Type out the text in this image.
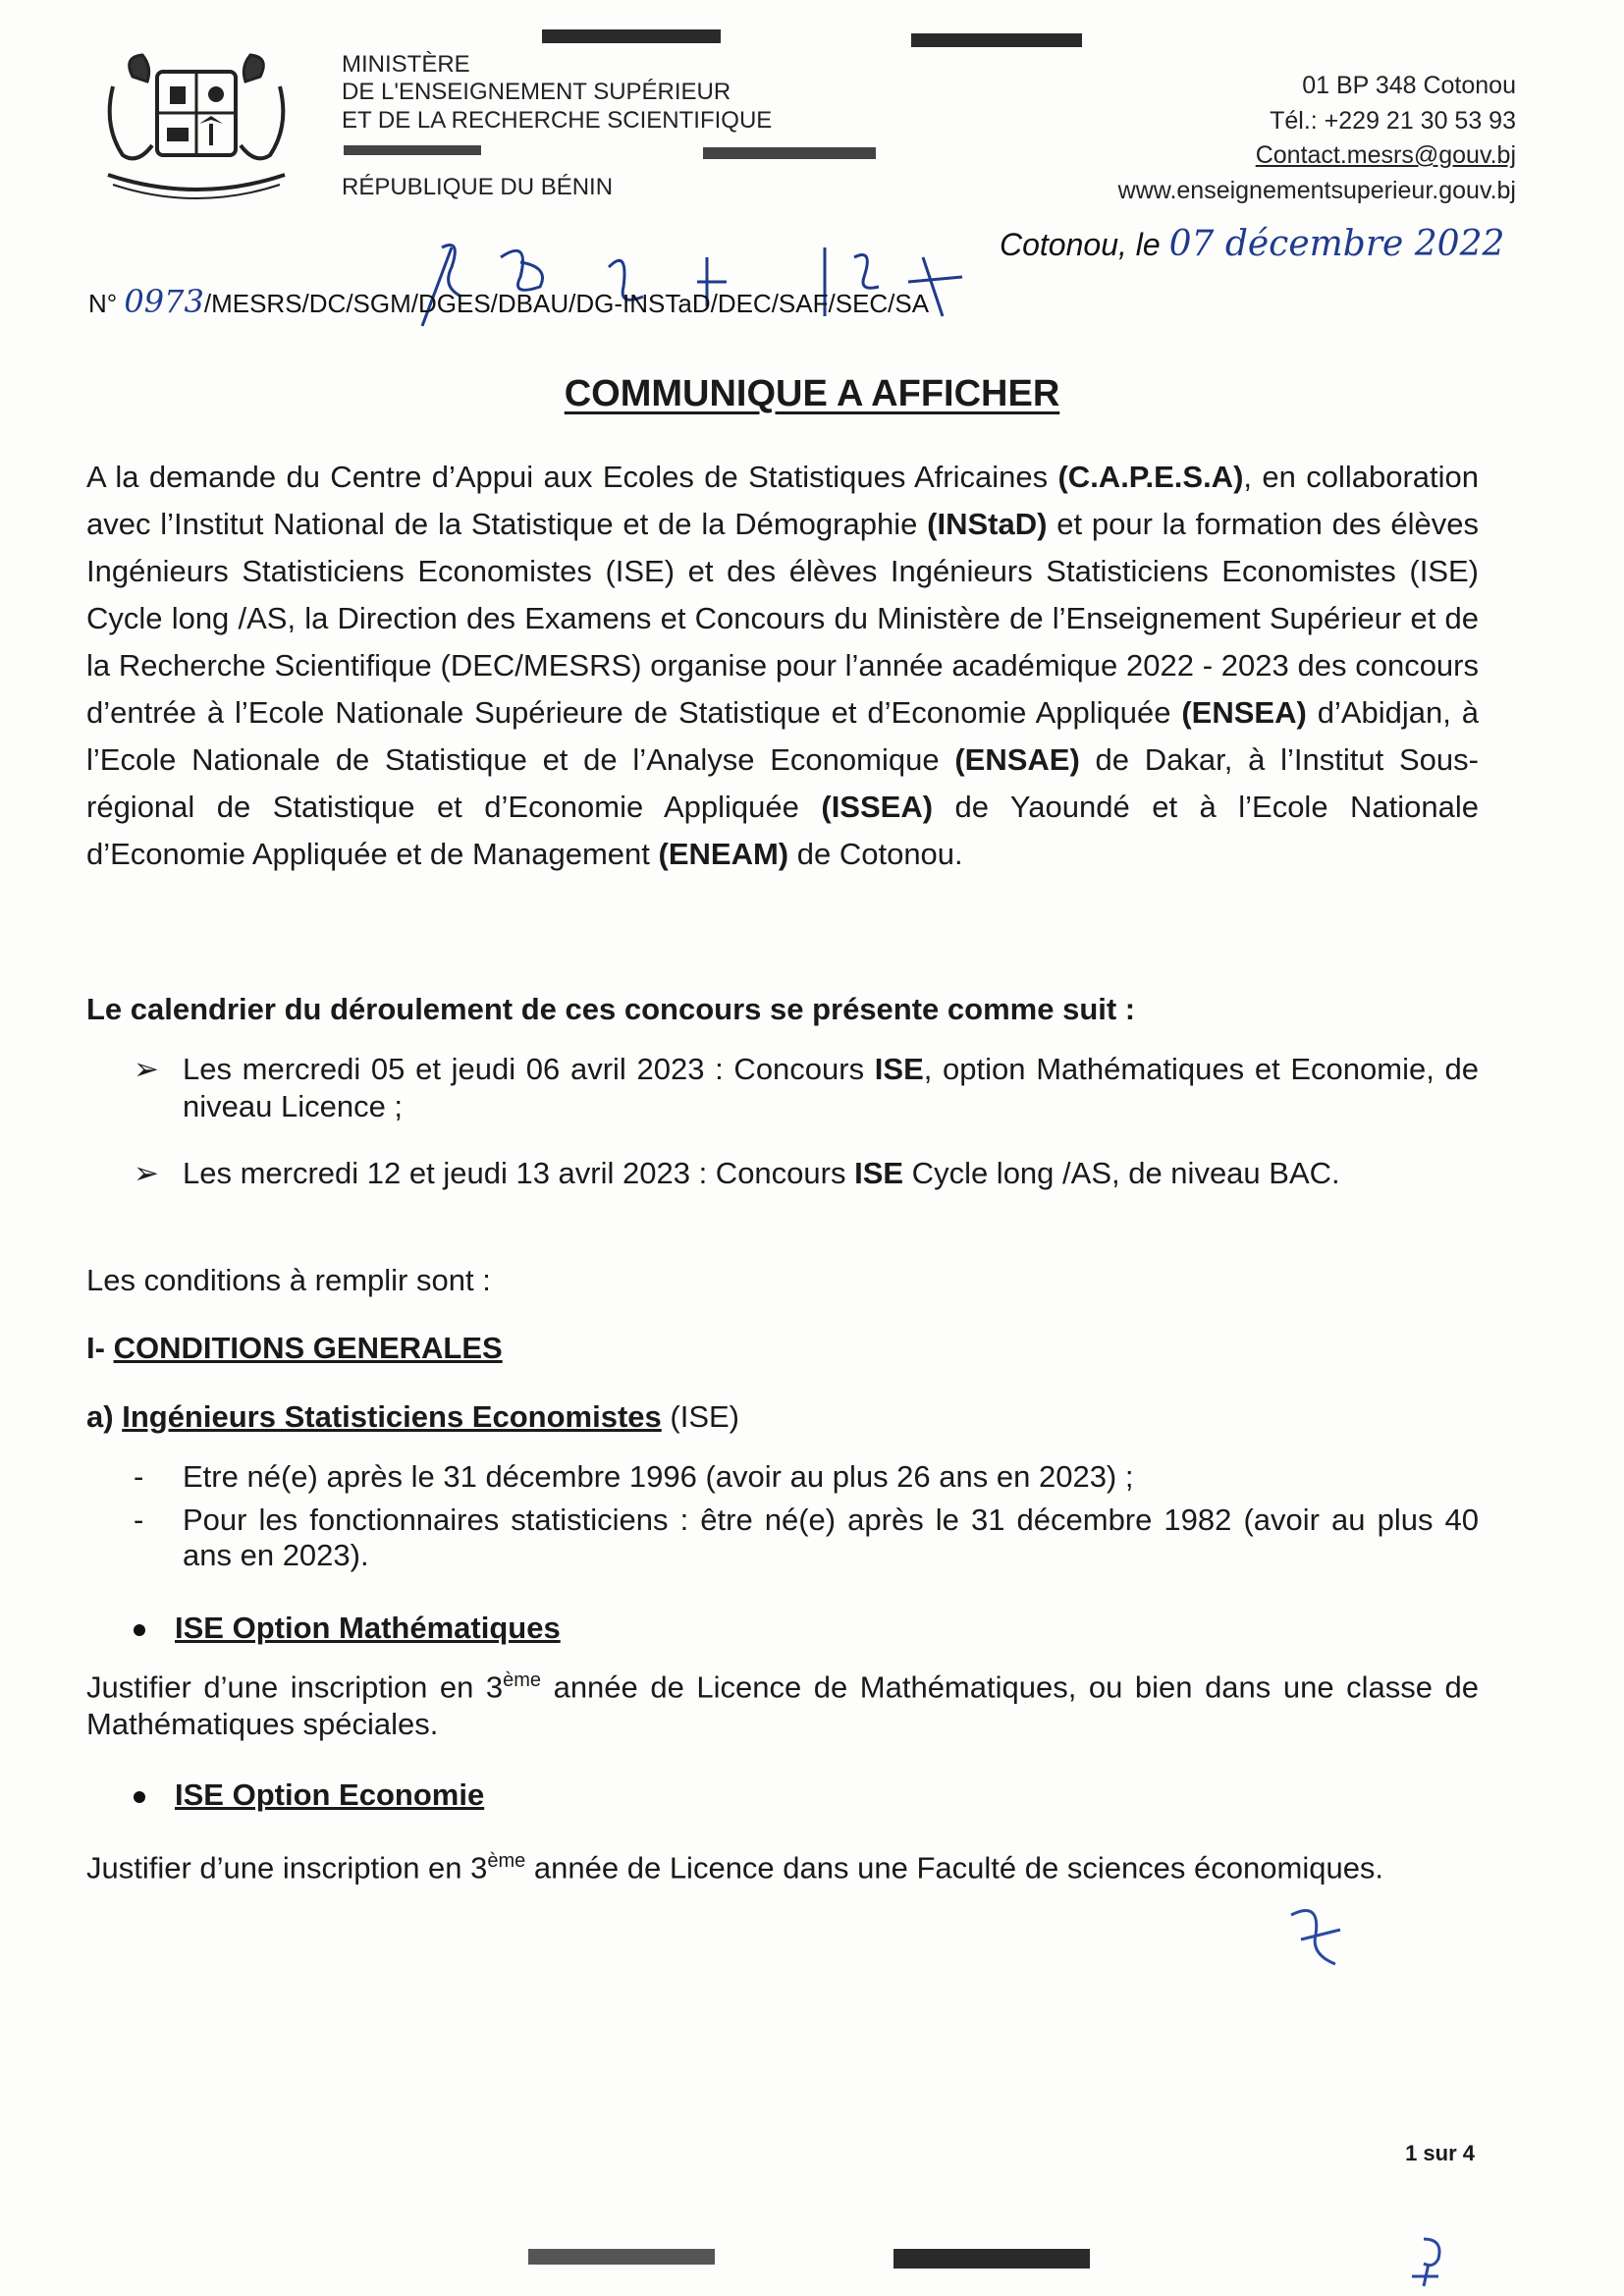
MINISTÈRE
DE L'ENSEIGNEMENT SUPÉRIEUR
ET DE LA RECHERCHE SCIENTIFIQUE
RÉPUBLIQUE DU BÉNIN
01 BP 348 Cotonou
Tél.: +229 21 30 53 93
Contact.mesrs@gouv.bj
www.enseignementsuperieur.gouv.bj
Cotonou, le 07 décembre 2022
N° 0973/MESRS/DC/SGM/DGES/DBAU/DG-INSTaD/DEC/SAF/SEC/SA
COMMUNIQUE A AFFICHER

A la demande du Centre d’Appui aux Ecoles de Statistiques Africaines (C.A.P.E.S.A), en collaboration avec l’Institut National de la Statistique et de la Démographie (INStaD) et pour la formation des élèves Ingénieurs Statisticiens Economistes (ISE) et des élèves Ingénieurs Statisticiens Economistes (ISE) Cycle long /AS, la Direction des Examens et Concours du Ministère de l’Enseignement Supérieur et de la Recherche Scientifique (DEC/MESRS) organise pour l’année académique 2022 - 2023 des concours d’entrée à l’Ecole Nationale Supérieure de Statistique et d’Economie Appliquée (ENSEA) d’Abidjan, à l’Ecole Nationale de Statistique et de l’Analyse Economique (ENSAE) de Dakar, à l’Institut Sous-régional de Statistique et d’Economie Appliquée (ISSEA) de Yaoundé et à l’Ecole Nationale d’Economie Appliquée et de Management (ENEAM) de Cotonou.

Le calendrier du déroulement de ces concours se présente comme suit :
➢ Les mercredi 05 et jeudi 06 avril 2023 : Concours ISE, option Mathématiques et Economie, de niveau Licence ;
➢ Les mercredi 12 et jeudi 13 avril 2023 : Concours ISE Cycle long /AS, de niveau BAC.
Les conditions à remplir sont :
I- CONDITIONS GENERALES
a) Ingénieurs Statisticiens Economistes (ISE)
- Etre né(e) après le 31 décembre 1996 (avoir au plus 26 ans en 2023) ;
- Pour les fonctionnaires statisticiens : être né(e) après le 31 décembre 1982 (avoir au plus 40 ans en 2023).
ISE Option Mathématiques
Justifier d’une inscription en 3ème année de Licence de Mathématiques, ou bien dans une classe de Mathématiques spéciales.
ISE Option Economie
Justifier d’une inscription en 3ème année de Licence dans une Faculté de sciences économiques.
1 sur 4
